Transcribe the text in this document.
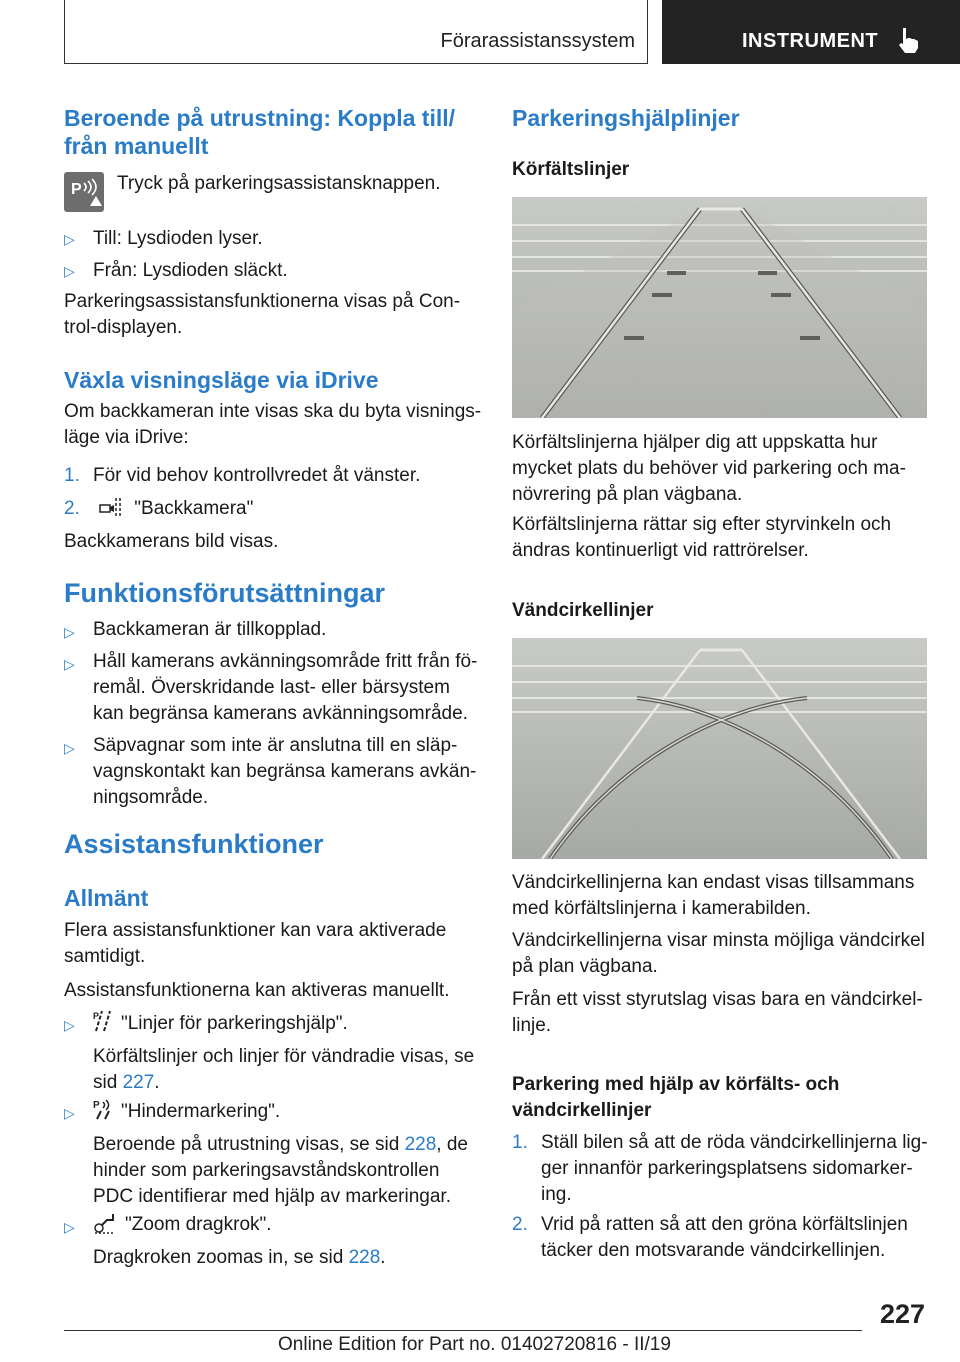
Förarassistanssystem	INSTRUMENT
Beroende på utrustning: Koppla till/
från manuellt
P Tryck på parkeringsassistansknappen.
▷ Till: Lysdioden lyser.
▷ Från: Lysdioden släckt.
Parkeringsassistansfunktionerna visas på Con-
trol-displayen.
Växla visningsläge via iDrive
Om backkameran inte visas ska du byta visnings-
läge via iDrive:
1. För vid behov kontrollvredet åt vänster.
2.	"Backkamera"
Backkamerans bild visas.
Funktionsförutsättningar
▷ Backkameran är tillkopplad.
▷ Håll kamerans avkänningsområde fritt från fö-
remål. Överskridande last- eller bärsystem
kan begränsa kamerans avkänningsområde.
▷ Säpvagnar som inte är anslutna till en släp-
vagnskontakt kan begränsa kamerans avkän-
ningsområde.
Assistansfunktioner
Allmänt
Flera assistansfunktioner kan vara aktiverade
samtidigt.
Assistansfunktionerna kan aktiveras manuellt.
▷
P "Linjer för parkeringshjälp".
Körfältslinjer och linjer för vändradie visas, se
sid 227.
▷ P "Hindermarkering".
Beroende på utrustning visas, se sid 228, de
hinder som parkeringsavståndskontrollen
PDC identifierar med hjälp av markeringar.
▷	"Zoom dragkrok".
Dragkroken zoomas in, se sid 228.
Parkeringshjälplinjer
Körfältslinjer
Körfältslinjerna hjälper dig att uppskatta hur
mycket plats du behöver vid parkering och ma-
növrering på plan vägbana.
Körfältslinjerna rättar sig efter styrvinkeln och
ändras kontinuerligt vid rattrörelser.
Vändcirkellinjer
Vändcirkellinjerna kan endast visas tillsammans
med körfältslinjerna i kamerabilden.
Vändcirkellinjerna visar minsta möjliga vändcirkel
på plan vägbana.
Från ett visst styrutslag visas bara en vändcirkel-
linje.
Parkering med hjälp av körfälts- och
vändcirkellinjer
1. Ställ bilen så att de röda vändcirkellinjerna lig-
ger innanför parkeringsplatsens sidomarker-
ing.
2. Vrid på ratten så att den gröna körfältslinjen
täcker den motsvarande vändcirkellinjen.
227
Online Edition for Part no. 01402720816 - II/19
